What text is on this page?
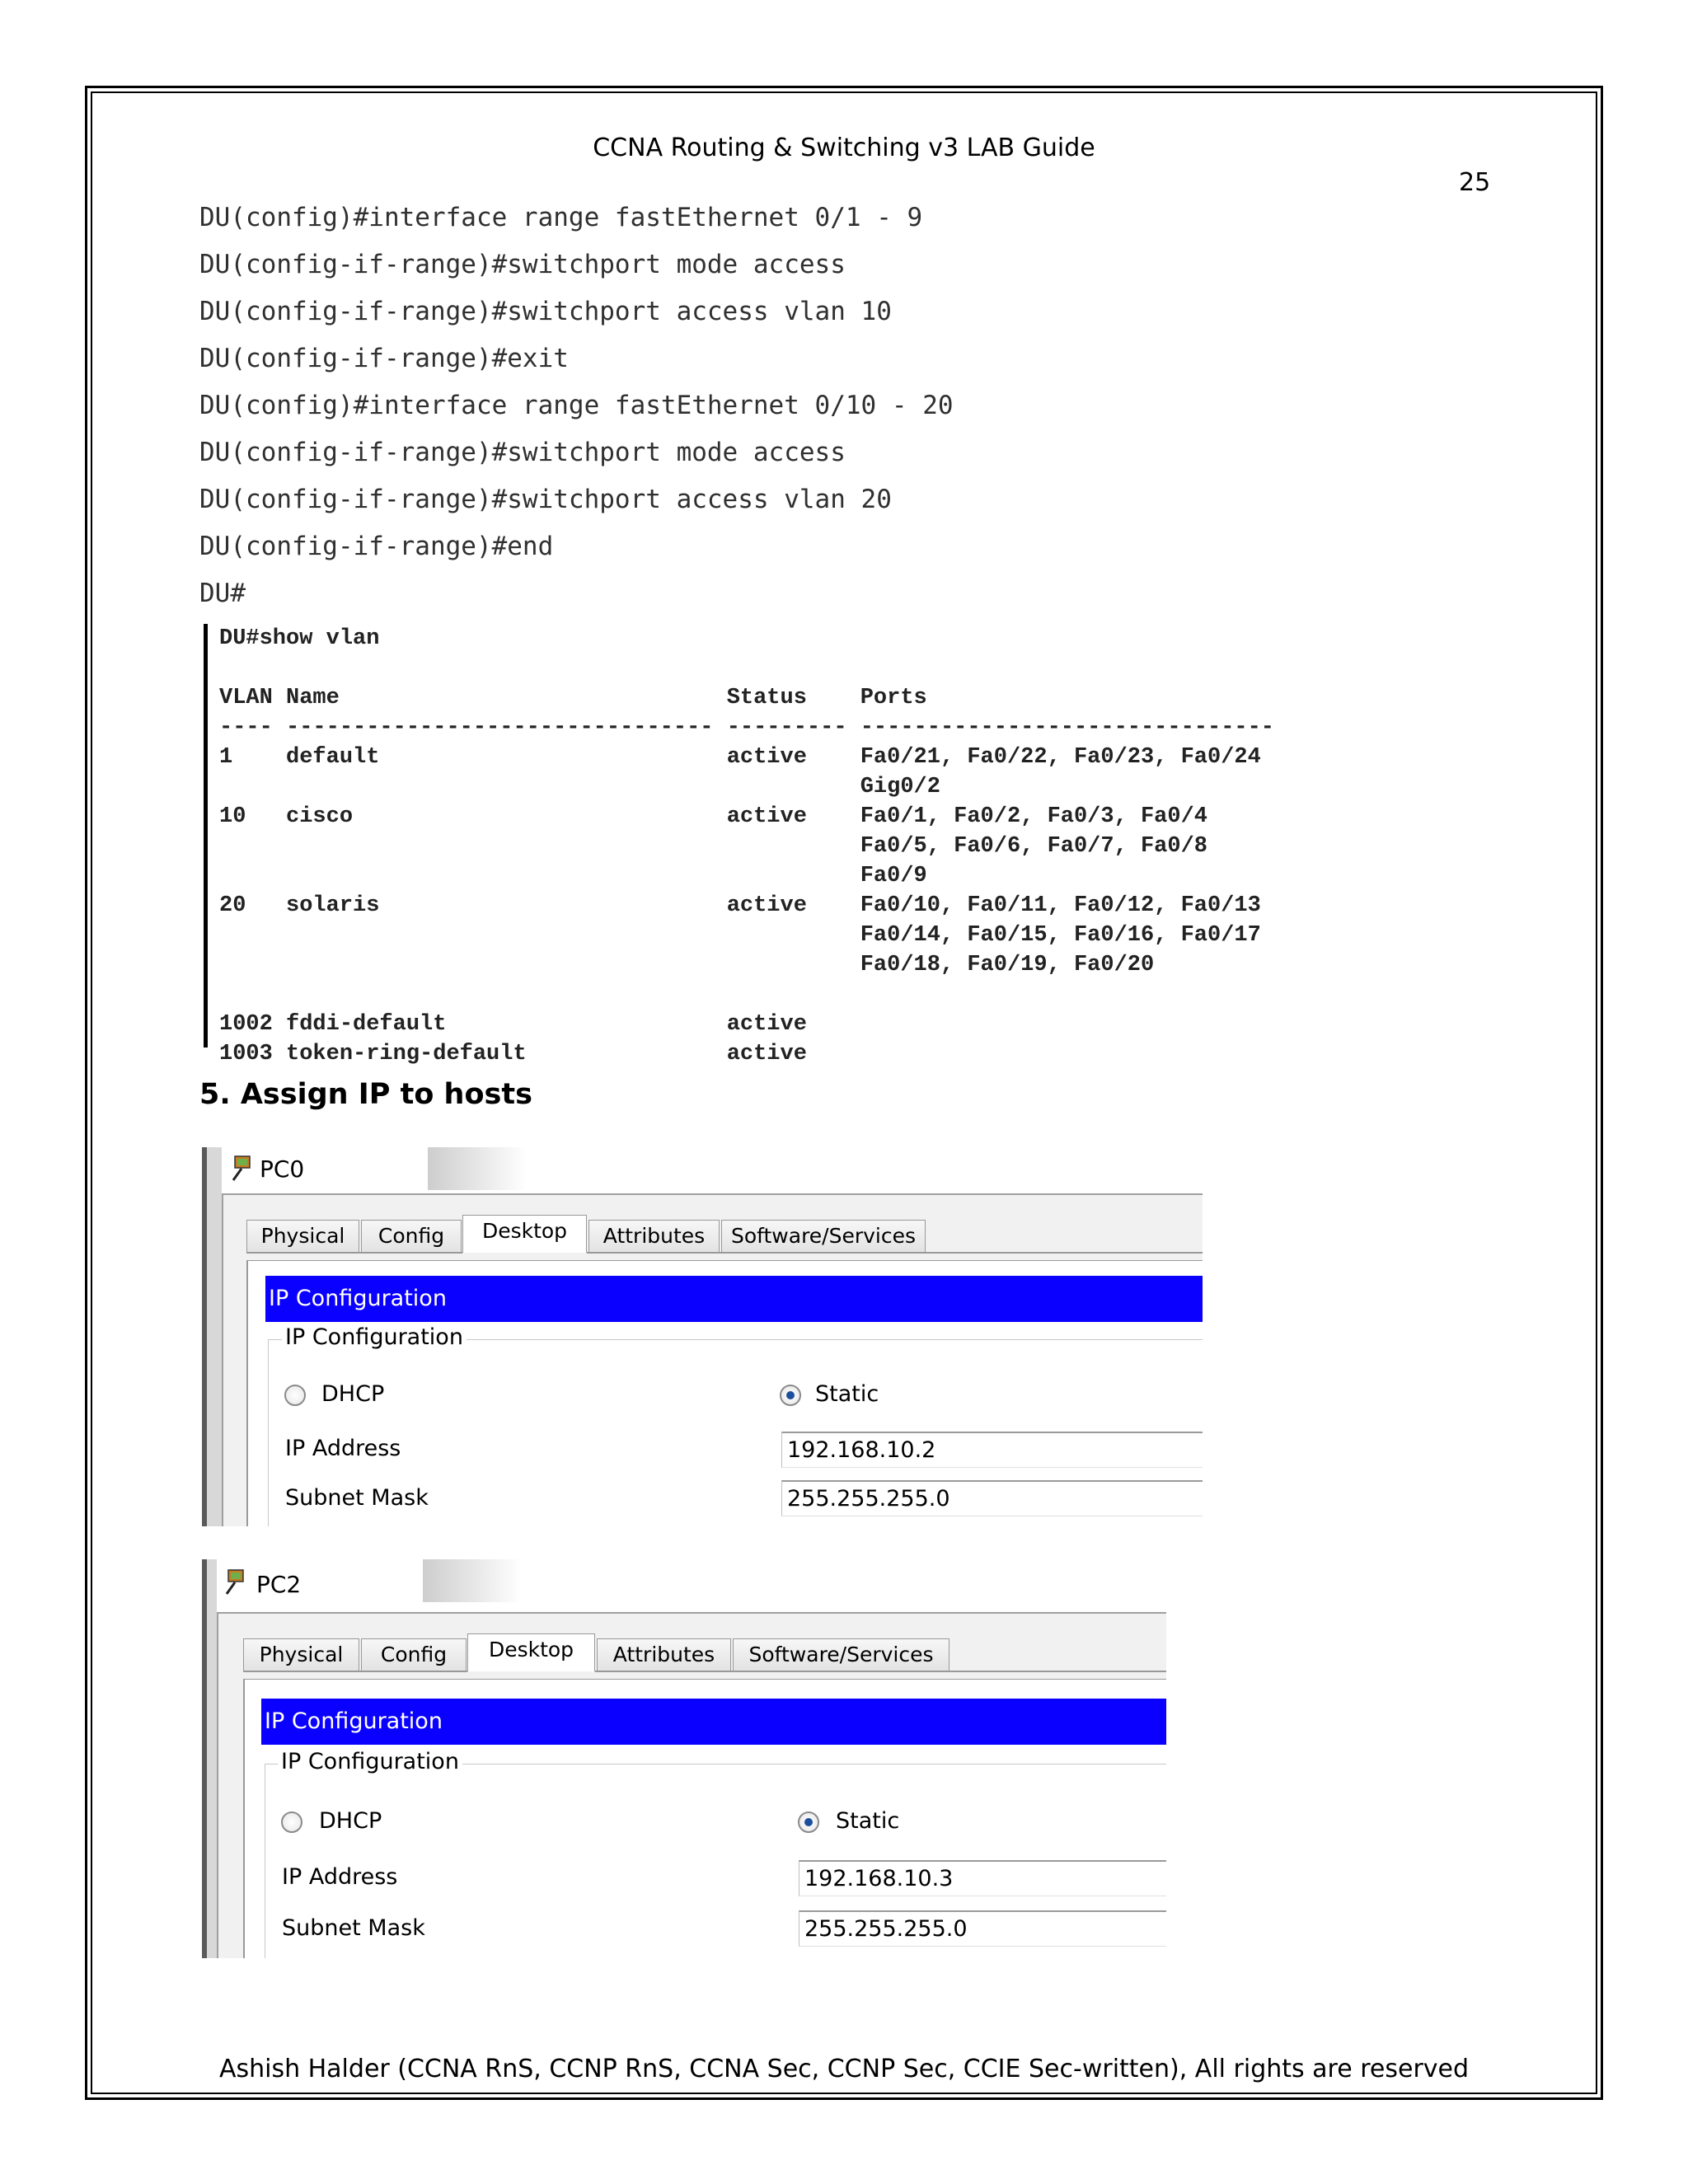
CCNA Routing & Switching v3 LAB Guide
25
DU(config)#interface range fastEthernet 0/1 - 9
DU(config-if-range)#switchport mode access
DU(config-if-range)#switchport access vlan 10
DU(config-if-range)#exit
DU(config)#interface range fastEthernet 0/10 - 20
DU(config-if-range)#switchport mode access
DU(config-if-range)#switchport access vlan 20
DU(config-if-range)#end
DU#
DU#show vlan
VLAN Name                             Status    Ports
---- -------------------------------- --------- -------------------------------
1    default                          active    Fa0/21, Fa0/22, Fa0/23, Fa0/24
Gig0/2
10   cisco                            active    Fa0/1, Fa0/2, Fa0/3, Fa0/4
Fa0/5, Fa0/6, Fa0/7, Fa0/8
Fa0/9
20   solaris                          active    Fa0/10, Fa0/11, Fa0/12, Fa0/13
Fa0/14, Fa0/15, Fa0/16, Fa0/17
Fa0/18, Fa0/19, Fa0/20
1002 fddi-default                     active
1003 token-ring-default               active
5. Assign IP to hosts
PC0
Physical	Config	Desktop	Attributes	Software/Services
IP Configuration
IP Configuration
DHCP	Static
IP Address	192.168.10.2
Subnet Mask	255.255.255.0
PC2
Physical	Config	Desktop	Attributes	Software/Services
IP Configuration
IP Configuration
DHCP	Static
IP Address	192.168.10.3
Subnet Mask	255.255.255.0
Ashish Halder (CCNA RnS, CCNP RnS, CCNA Sec, CCNP Sec, CCIE Sec-written), All rights are reserved
